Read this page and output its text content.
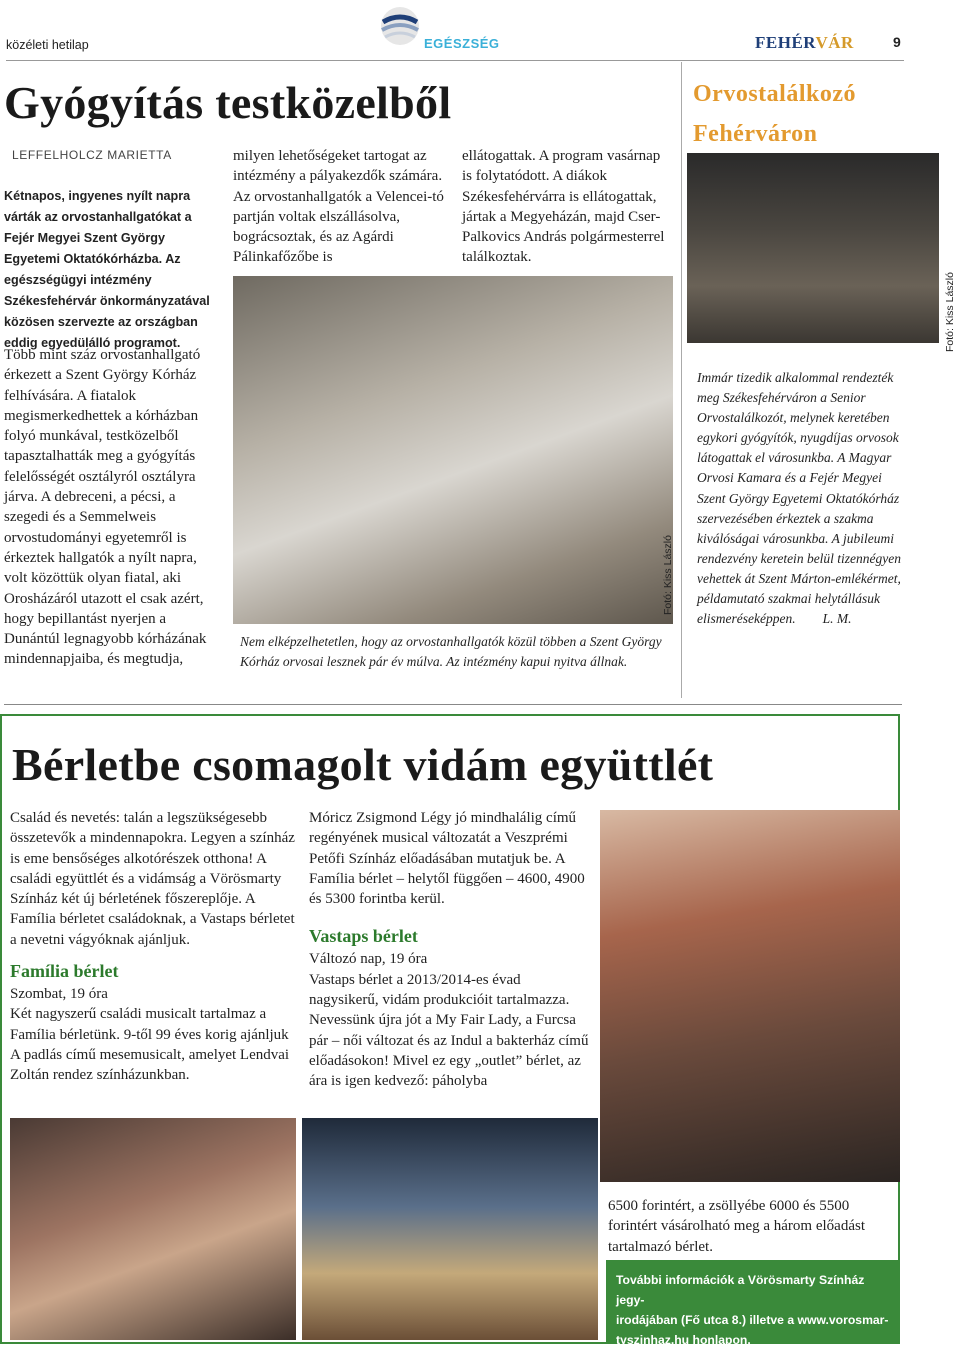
közéleti hetilap	EGÉSZSÉG	FEHÉRVÁR	9
Gyógyítás testközelből
LEFFELHOLCZ MARIETTA
Kétnapos, ingyenes nyílt napra várták az orvostanhallgatókat a Fejér Megyei Szent György Egyetemi Oktatókórházba. Az egészségügyi intézmény Székesfehérvár önkormányzatával közösen szervezte az országban eddig egyedülálló programot.
Több mint száz orvostanhallgató érkezett a Szent György Kórház felhívására. A fiatalok megismerkedhettek a kórházban folyó munkával, testközelből tapasztalhatták meg a gyógyítás felelősségét osztályról osztályra járva. A debreceni, a pécsi, a szegedi és a Semmelweis orvostudományi egyetemről is érkeztek hallgatók a nyílt napra, volt közöttük olyan fiatal, aki Orosházáról utazott el csak azért, hogy bepillantást nyerjen a Dunántúl legnagyobb kórházának mindennapjaiba, és megtudja,
milyen lehetőségeket tartogat az intézmény a pályakezdők számára. Az orvostanhallgatók a Velencei-tó partján voltak elszállásolva, bográcsoztak, és az Agárdi Pálinkafőzőbe is
ellátogattak. A program vasárnap is folytatódott. A diákok Székesfehérvárra is ellátogattak, jártak a Megyeházán, majd Cser-Palkovics András polgármesterrel találkoztak.
Fotó: Kiss László
Nem elképzelhetetlen, hogy az orvostanhallgatók közül többen a Szent György Kórház orvosai lesznek pár év múlva. Az intézmény kapui nyitva állnak.
Orvostalálkozó
Fehérváron
Fotó: Kiss László
Immár tizedik alkalommal rendezték meg Székesfehérváron a Senior Orvostalálkozót, melynek keretében egykori gyógyítók, nyugdíjas orvosok látogattak el városunkba. A Magyar Orvosi Kamara és a Fejér Megyei Szent György Egyetemi Oktatókórház szervezésében érkeztek a szakma kiválóságai városunkba. A jubileumi rendezvény keretein belül tizennégyen vehettek át Szent Márton-emlékérmet, példamutató szakmai helytállásuk elismeréseképpen. L. M.
Bérletbe csomagolt vidám együttlét
Család és nevetés: talán a legszükségesebb összetevők a mindennapokra. Legyen a színház is eme bensőséges alkotórészek otthona! A családi együttlét és a vidámság a Vörösmarty Színház két új bérletének főszereplője. A Família bérletet családoknak, a Vastaps bérletet a nevetni vágyóknak ajánljuk.
Família bérlet
Szombat, 19 óra
Két nagyszerű családi musicalt tartalmaz a Família bérletünk. 9-től 99 éves korig ajánljuk A padlás című mesemusicalt, amelyet Lendvai Zoltán rendez színházunkban.
Móricz Zsigmond Légy jó mindhalálig című regényének musical változatát a Veszprémi Petőfi Színház előadásában mutatjuk be. A Família bérlet – helytől függően – 4600, 4900 és 5300 forintba kerül.
Vastaps bérlet
Változó nap, 19 óra
Vastaps bérlet a 2013/2014-es évad nagysikerű, vidám produkcióit tartalmazza. Nevessünk újra jót a My Fair Lady, a Furcsa pár – női változat és az Indul a bakterház című előadásokon! Mivel ez egy „outlet” bérlet, az ára is igen kedvező: páholyba
6500 forintért, a zsöllyébe 6000 és 5500 forintért vásárolható meg a három előadást tartalmazó bérlet.
További információk a Vörösmarty Színház jegy-
irodájában (Fő utca 8.) illetve a www.vorosmar-
tyszinhaz.hu honlapon.
